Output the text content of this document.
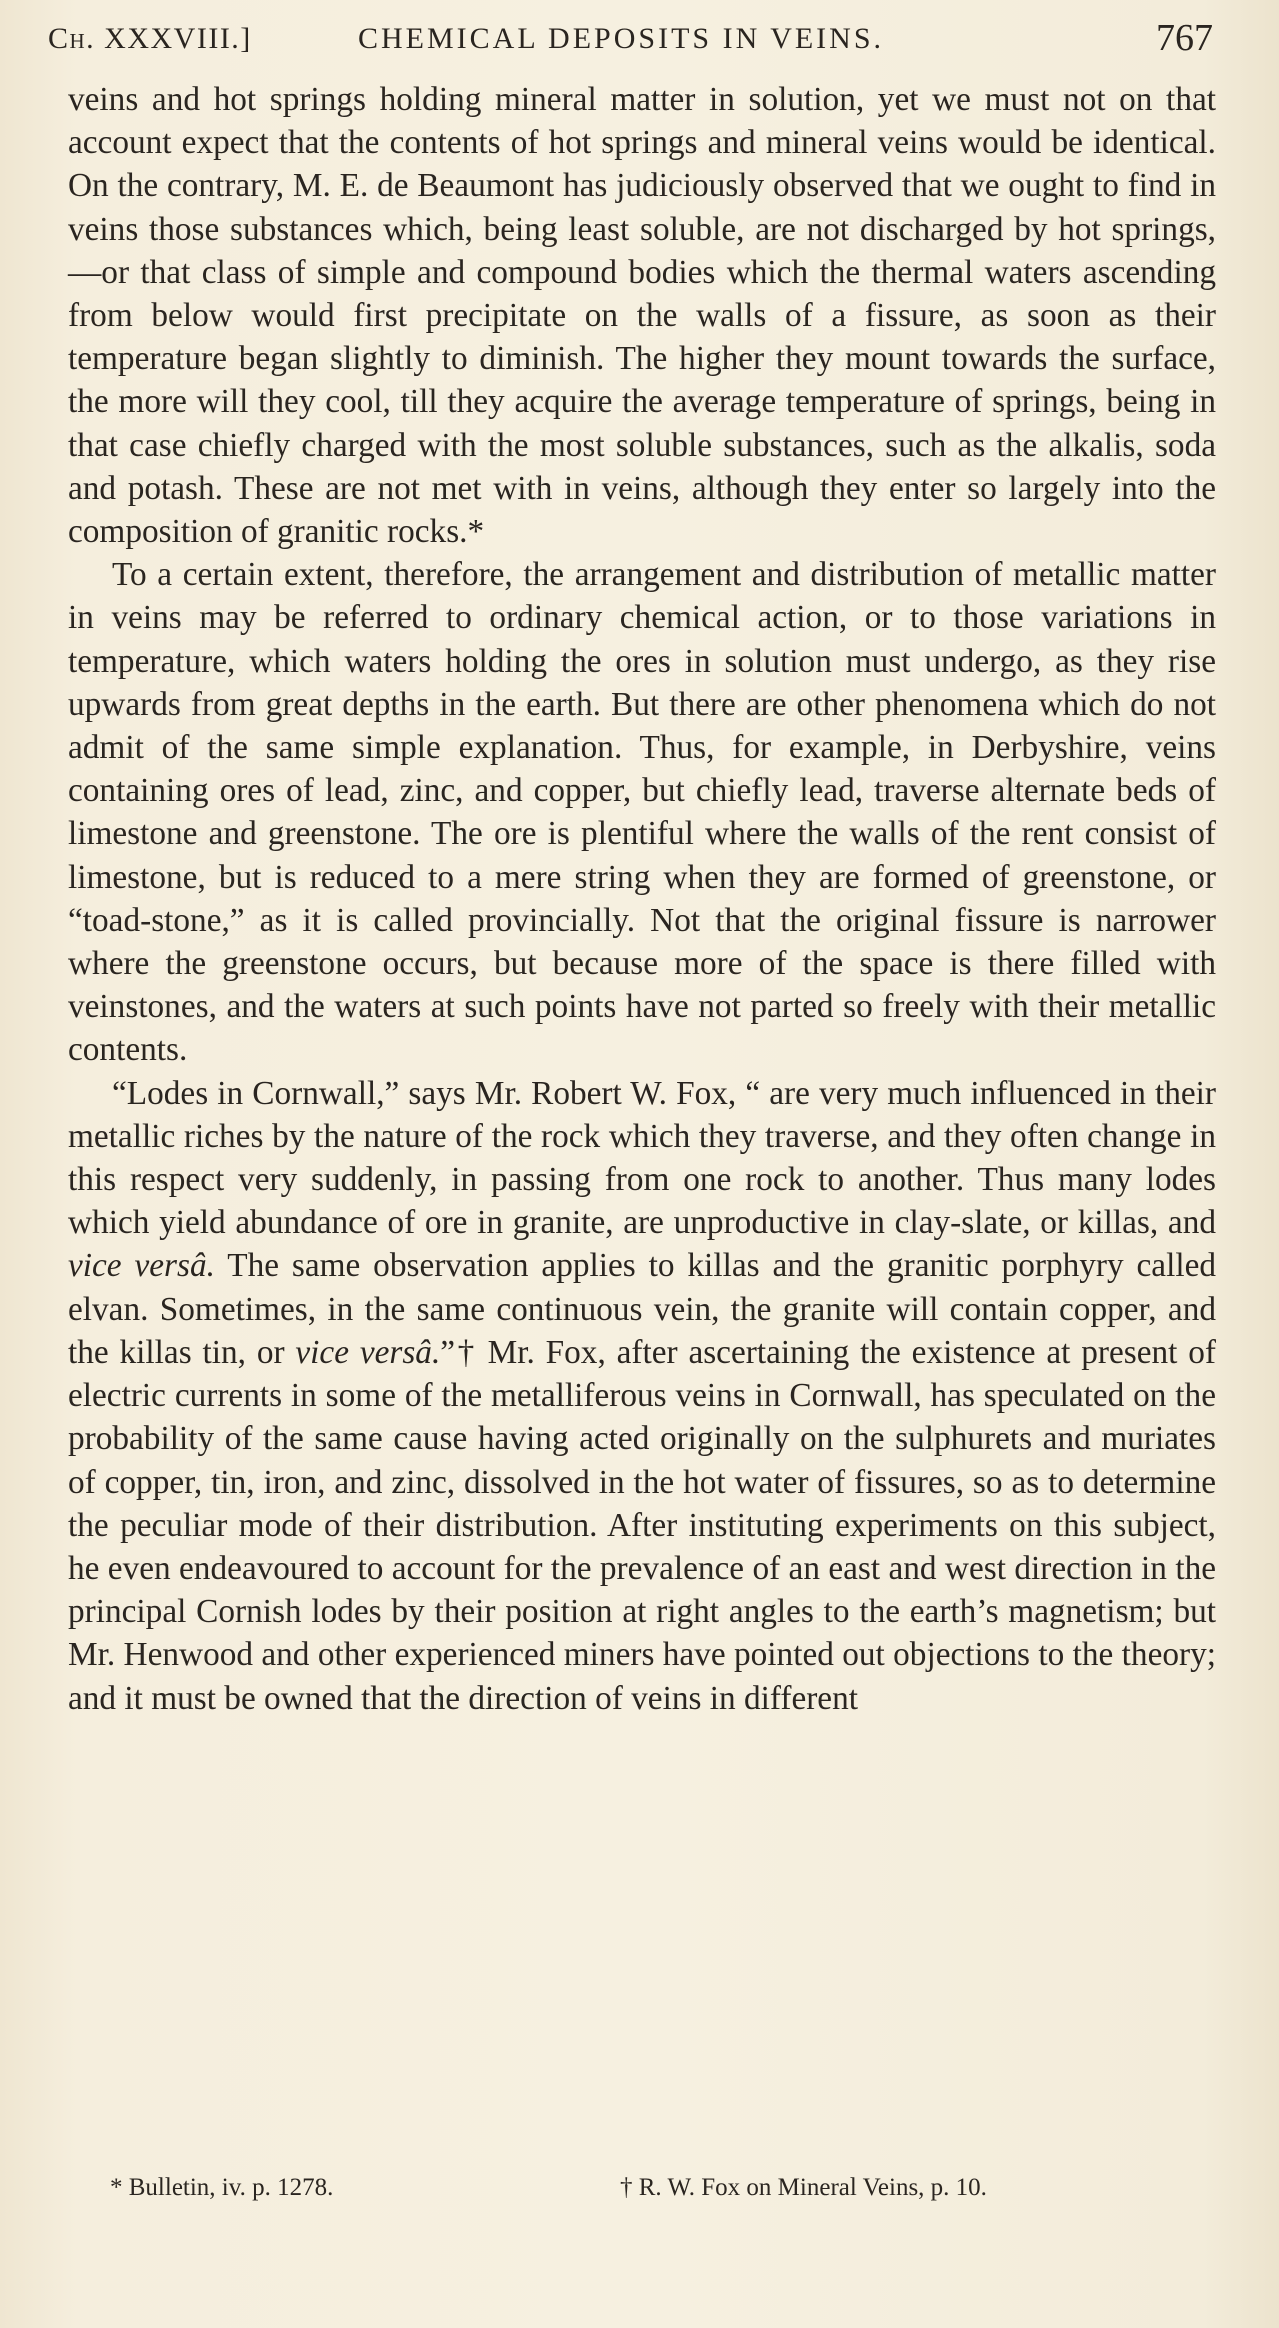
Ch. XXXVIII.]	CHEMICAL DEPOSITS IN VEINS.	767

veins and hot springs holding mineral matter in solution, yet we must not on that account expect that the contents of hot springs and mineral veins would be identical. On the contrary, M. E. de Beaumont has judiciously observed that we ought to find in veins those substances which, being least soluble, are not discharged by hot springs,—or that class of simple and compound bodies which the thermal waters ascending from below would first precipitate on the walls of a fissure, as soon as their temperature began slightly to diminish. The higher they mount towards the surface, the more will they cool, till they acquire the average temperature of springs, being in that case chiefly charged with the most soluble substances, such as the alkalis, soda and potash. These are not met with in veins, although they enter so largely into the composition of granitic rocks.*

To a certain extent, therefore, the arrangement and distribution of metallic matter in veins may be referred to ordinary chemical action, or to those variations in temperature, which waters holding the ores in solution must undergo, as they rise upwards from great depths in the earth. But there are other phenomena which do not admit of the same simple explanation. Thus, for example, in Derbyshire, veins containing ores of lead, zinc, and copper, but chiefly lead, traverse alternate beds of limestone and greenstone. The ore is plentiful where the walls of the rent consist of limestone, but is reduced to a mere string when they are formed of greenstone, or “toad-stone,” as it is called provincially. Not that the original fissure is narrower where the greenstone occurs, but because more of the space is there filled with veinstones, and the waters at such points have not parted so freely with their metallic contents.

“Lodes in Cornwall,” says Mr. Robert W. Fox, “ are very much influenced in their metallic riches by the nature of the rock which they traverse, and they often change in this respect very suddenly, in passing from one rock to another. Thus many lodes which yield abundance of ore in granite, are unproductive in clay-slate, or killas, and vice versâ. The same observation applies to killas and the granitic porphyry called elvan. Sometimes, in the same continuous vein, the granite will contain copper, and the killas tin, or vice versâ.”† Mr. Fox, after ascertaining the existence at present of electric currents in some of the metalliferous veins in Cornwall, has speculated on the probability of the same cause having acted originally on the sulphurets and muriates of copper, tin, iron, and zinc, dissolved in the hot water of fissures, so as to determine the peculiar mode of their distribution. After instituting experiments on this subject, he even endeavoured to account for the prevalence of an east and west direction in the principal Cornish lodes by their position at right angles to the earth’s magnetism; but Mr. Henwood and other experienced miners have pointed out objections to the theory; and it must be owned that the direction of veins in different

* Bulletin, iv. p. 1278.	† R. W. Fox on Mineral Veins, p. 10.
